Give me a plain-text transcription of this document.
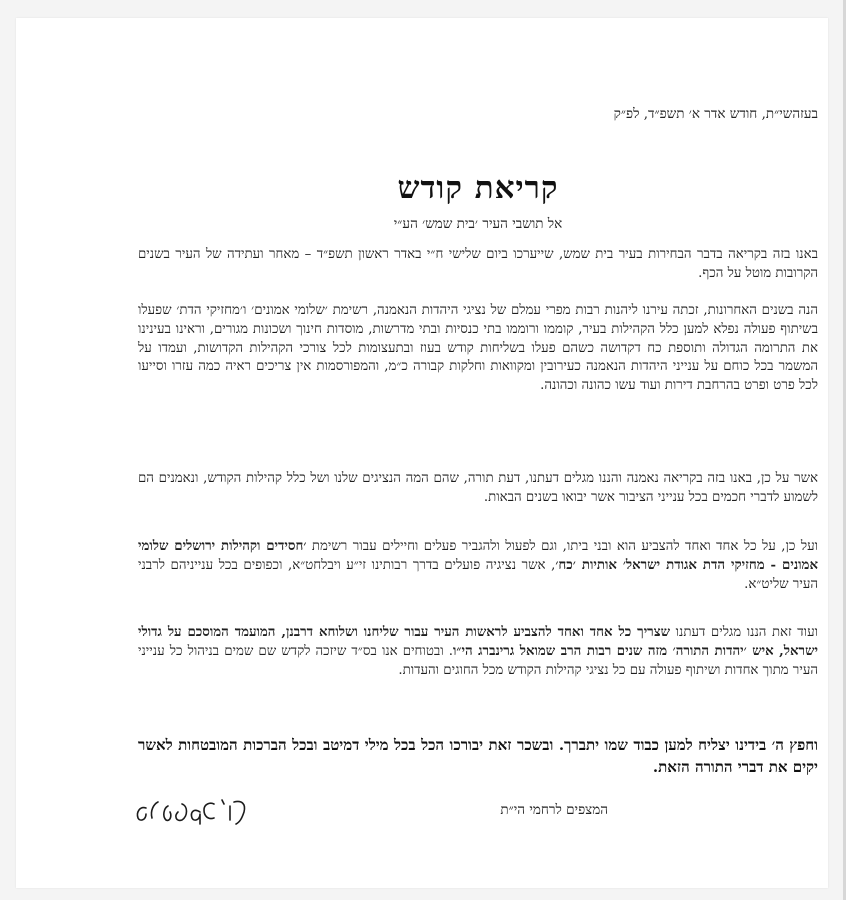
בעזהשי״ת, חודש אדר א׳ תשפ״ד, לפ״ק
קריאת קודש
אל תושבי העיר ׳בית שמש׳ הע״י
באנו בזה בקריאה בדבר הבחירות בעיר בית שמש, שייערכו ביום שלישי ח״י באדר ראשון תשפ״ד – מאחר ועתידה של העיר בשנים הקרובות מוטל על הכף.
הנה בשנים האחרונות, זכתה עירנו ליהנות רבות מפרי עמלם של נציגי היהדות הנאמנה, רשימת ׳שלומי אמונים׳ ו׳מחזיקי הדת׳ שפעלו בשיתוף פעולה נפלא למען כלל הקהילות בעיר, קוממו ורוממו בתי כנסיות ובתי מדרשות, מוסדות חינוך ושכונות מגורים, וראינו בעינינו את התרומה הגדולה ותוספת כח דקדושה כשהם פעלו בשליחות קודש בעוז ובתעצומות לכל צורכי הקהילות הקדושות, ועמדו על המשמר בכל כוחם על ענייני היהדות הנאמנה כעירובין ומקוואות וחלקות קבורה כ״מ, והמפורסמות אין צריכים ראיה כמה עזרו וסייעו לכל פרט ופרט בהרחבת דירות ועוד עשו כהונה וכהונה.
אשר על כן, באנו בזה בקריאה נאמנה והננו מגלים דעתנו, דעת תורה, שהם המה הנציגים שלנו ושל כלל קהילות הקודש, ונאמנים הם לשמוע לדברי חכמים בכל ענייני הציבור אשר יבואו בשנים הבאות.
ועל כן, על כל אחד ואחד להצביע הוא ובני ביתו, וגם לפעול ולהגביר פעלים וחיילים עבור רשימת ׳חסידים וקהילות ירושלים שלומי אמונים - מחזיקי הדת אגודת ישראל׳ אותיות ׳כח׳, אשר נציגיה פועלים בדרך רבותינו זי״ע ויבלחט״א, וכפופים בכל ענייניהם לרבני העיר שליט״א.
ועוד זאת הננו מגלים דעתנו שצריך כל אחד ואחד להצביע לראשות העיר עבור שליחנו ושלוחא דרבנן, המועמד המוסכם על גדולי ישראל, איש ׳יהדות התורה׳ מזה שנים רבות הרב שמואל גרינברג הי״ו. ובטוחים אנו בס״ד שיזכה לקדש שם שמים בניהול כל ענייני העיר מתוך אחדות ושיתוף פעולה עם כל נציגי קהילות הקודש מכל החוגים והעדות.
וחפץ ה׳ בידינו יצליח למען כבוד שמו יתברך. ובשכר זאת יבורכו הכל בכל מילי דמיטב ובכל הברכות המובטחות לאשר יקים את דברי התורה הזאת.
המצפים לרחמי הי״ת
